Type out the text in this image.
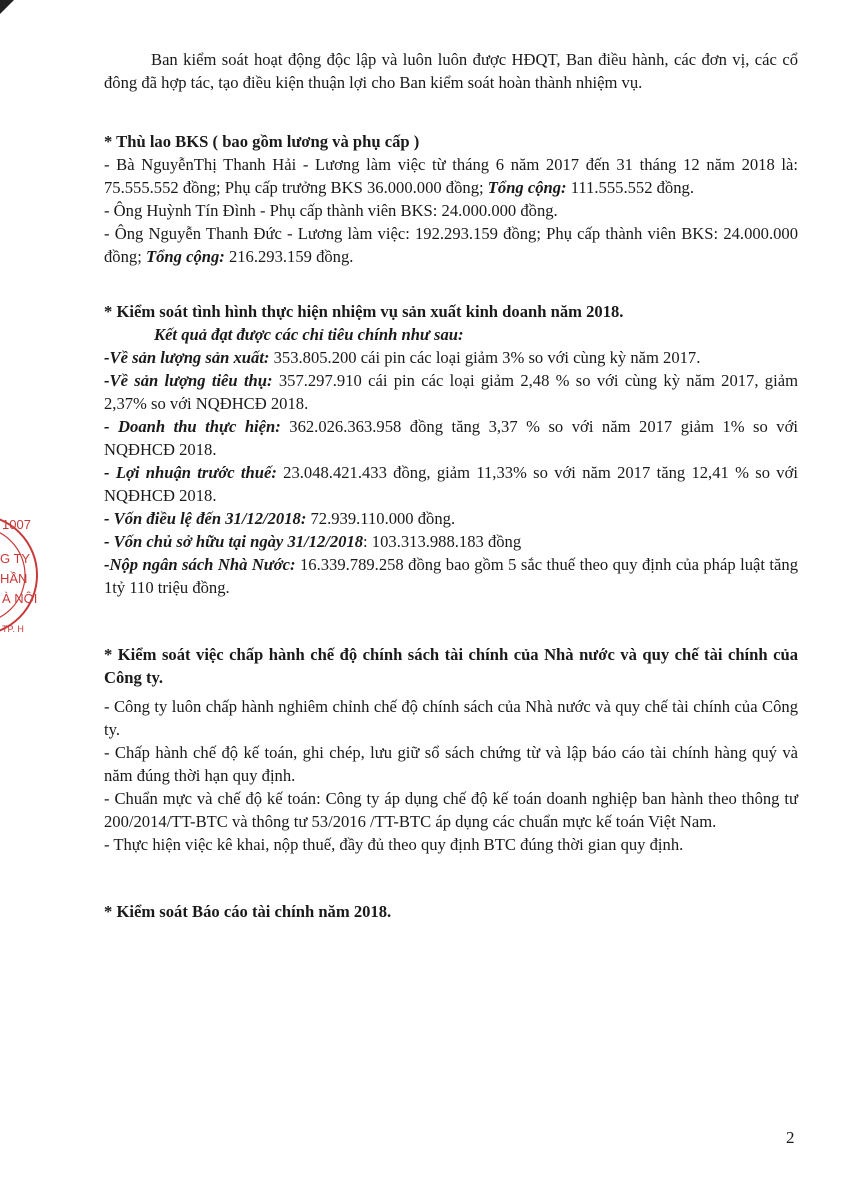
1007
G TY
HẦN
À NỘI
TP. H

Ban kiểm soát hoạt động độc lập và luôn luôn được HĐQT, Ban điều hành, các đơn vị, các cổ đông đã hợp tác, tạo điều kiện thuận lợi cho Ban kiểm soát hoàn thành nhiệm vụ.

* Thù lao BKS ( bao gồm lương và phụ cấp )

- Bà NguyễnThị Thanh Hải - Lương làm việc từ tháng 6 năm 2017 đến 31 tháng 12 năm 2018 là: 75.555.552 đồng; Phụ cấp trưởng BKS 36.000.000 đồng; Tổng cộng: 111.555.552 đồng.

- Ông Huỳnh Tín Đình - Phụ cấp thành viên BKS: 24.000.000 đồng.

- Ông Nguyễn Thanh Đức - Lương làm việc: 192.293.159 đồng; Phụ cấp thành viên BKS: 24.000.000 đồng; Tổng cộng: 216.293.159 đồng.

* Kiểm soát tình hình thực hiện nhiệm vụ sản xuất kinh doanh năm 2018.

Kết quả đạt được các chỉ tiêu chính như sau:

-Về sản lượng sản xuất: 353.805.200 cái pin các loại giảm 3% so với cùng kỳ năm 2017.

-Về sản lượng tiêu thụ: 357.297.910 cái pin các loại giảm 2,48 % so với cùng kỳ năm 2017, giảm 2,37% so với NQĐHCĐ 2018.

- Doanh thu thực hiện: 362.026.363.958 đồng tăng 3,37 % so với năm 2017 giảm 1% so với NQĐHCĐ 2018.

- Lợi nhuận trước thuế: 23.048.421.433 đồng, giảm 11,33% so với năm 2017 tăng 12,41 % so với NQĐHCĐ 2018.

- Vốn điều lệ đến 31/12/2018: 72.939.110.000 đồng.

- Vốn chủ sở hữu tại ngày 31/12/2018: 103.313.988.183 đồng

-Nộp ngân sách Nhà Nước: 16.339.789.258 đồng bao gồm 5 sắc thuế theo quy định của pháp luật tăng 1tỷ 110 triệu đồng.

* Kiểm soát việc chấp hành chế độ chính sách tài chính của Nhà nước và quy chế tài chính của Công ty.

- Công ty luôn chấp hành nghiêm chỉnh chế độ chính sách của Nhà nước và quy chế tài chính của Công ty.

- Chấp hành chế độ kế toán, ghi chép, lưu giữ sổ sách chứng từ và lập báo cáo tài chính hàng quý và năm đúng thời hạn quy định.

- Chuẩn mực và chế độ kế toán: Công ty áp dụng chế độ kế toán doanh nghiệp ban hành theo thông tư 200/2014/TT-BTC và thông tư 53/2016 /TT-BTC áp dụng các chuẩn mực kế toán Việt Nam.

- Thực hiện việc kê khai, nộp thuế, đầy đủ theo quy định BTC đúng thời gian quy định.

* Kiểm soát Báo cáo tài chính năm 2018.

2
